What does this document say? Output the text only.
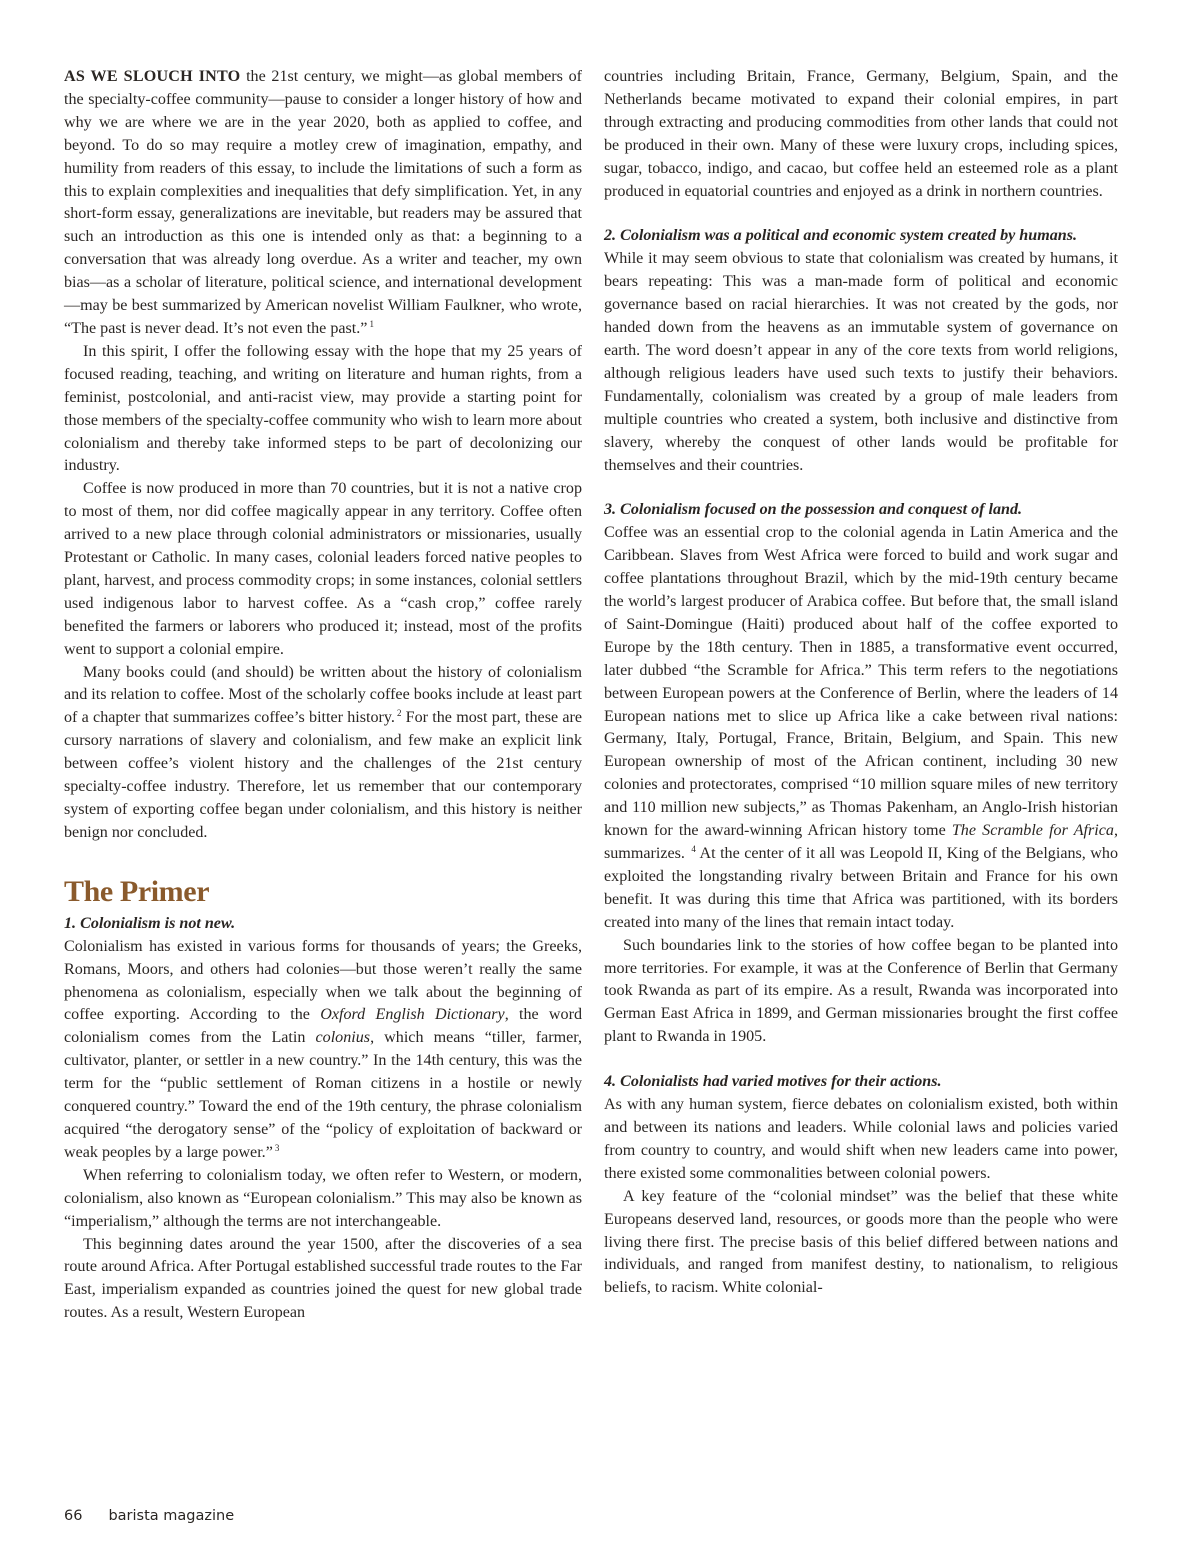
AS WE SLOUCH INTO the 21st century, we might—as global members of the specialty-coffee community—pause to consider a longer history of how and why we are where we are in the year 2020, both as applied to coffee, and beyond. To do so may require a motley crew of imagination, empathy, and humility from readers of this essay, to include the limitations of such a form as this to explain complexities and inequalities that defy simplification. Yet, in any short-form essay, generalizations are inevitable, but readers may be assured that such an introduction as this one is intended only as that: a beginning to a conversation that was already long overdue. As a writer and teacher, my own bias—as a scholar of literature, political science, and international development—may be best summarized by American novelist William Faulkner, who wrote, “The past is never dead. It’s not even the past.” $^1$

In this spirit, I offer the following essay with the hope that my 25 years of focused reading, teaching, and writing on literature and human rights, from a feminist, postcolonial, and anti-racist view, may provide a starting point for those members of the specialty-coffee community who wish to learn more about colonialism and thereby take informed steps to be part of decolonizing our industry.

Coffee is now produced in more than 70 countries, but it is not a native crop to most of them, nor did coffee magically appear in any territory. Coffee often arrived to a new place through colonial administrators or missionaries, usually Protestant or Catholic. In many cases, colonial leaders forced native peoples to plant, harvest, and process commodity crops; in some instances, colonial settlers used indigenous labor to harvest coffee. As a “cash crop,” coffee rarely benefited the farmers or laborers who produced it; instead, most of the profits went to support a colonial empire.

Many books could (and should) be written about the history of colonialism and its relation to coffee. Most of the scholarly coffee books include at least part of a chapter that summarizes coffee’s bitter history. $^2$ For the most part, these are cursory narrations of slavery and colonialism, and few make an explicit link between coffee’s violent history and the challenges of the 21st century specialty-coffee industry. Therefore, let us remember that our contemporary system of exporting coffee began under colonialism, and this history is neither benign nor concluded.

The Primer

1. Colonialism is not new.

Colonialism has existed in various forms for thousands of years; the Greeks, Romans, Moors, and others had colonies—but those weren’t really the same phenomena as colonialism, especially when we talk about the beginning of coffee exporting. According to the Oxford English Dictionary, the word colonialism comes from the Latin colonius, which means “tiller, farmer, cultivator, planter, or settler in a new country.” In the 14th century, this was the term for the “public settlement of Roman citizens in a hostile or newly conquered country.” Toward the end of the 19th century, the phrase colonialism acquired “the derogatory sense” of the “policy of exploitation of backward or weak peoples by a large power.” $^3$

When referring to colonialism today, we often refer to Western, or modern, colonialism, also known as “European colonialism.” This may also be known as “imperialism,” although the terms are not interchangeable.

This beginning dates around the year 1500, after the discoveries of a sea route around Africa. After Portugal established successful trade routes to the Far East, imperialism expanded as countries joined the quest for new global trade routes. As a result, Western European

countries including Britain, France, Germany, Belgium, Spain, and the Netherlands became motivated to expand their colonial empires, in part through extracting and producing commodities from other lands that could not be produced in their own. Many of these were luxury crops, including spices, sugar, tobacco, indigo, and cacao, but coffee held an esteemed role as a plant produced in equatorial countries and enjoyed as a drink in northern countries.

2. Colonialism was a political and economic system created by humans.

While it may seem obvious to state that colonialism was created by humans, it bears repeating: This was a man-made form of political and economic governance based on racial hierarchies. It was not created by the gods, nor handed down from the heavens as an immutable system of governance on earth. The word doesn’t appear in any of the core texts from world religions, although religious leaders have used such texts to justify their behaviors. Fundamentally, colonialism was created by a group of male leaders from multiple countries who created a system, both inclusive and distinctive from slavery, whereby the conquest of other lands would be profitable for themselves and their countries.

3. Colonialism focused on the possession and conquest of land.

Coffee was an essential crop to the colonial agenda in Latin America and the Caribbean. Slaves from West Africa were forced to build and work sugar and coffee plantations throughout Brazil, which by the mid-19th century became the world’s largest producer of Arabica coffee. But before that, the small island of Saint-Domingue (Haiti) produced about half of the coffee exported to Europe by the 18th century. Then in 1885, a transformative event occurred, later dubbed “the Scramble for Africa.” This term refers to the negotiations between European powers at the Conference of Berlin, where the leaders of 14 European nations met to slice up Africa like a cake between rival nations: Germany, Italy, Portugal, France, Britain, Belgium, and Spain. This new European ownership of most of the African continent, including 30 new colonies and protectorates, comprised “10 million square miles of new territory and 110 million new subjects,” as Thomas Pakenham, an Anglo-Irish historian known for the award-winning African history tome The Scramble for Africa, summarizes. $^4$ At the center of it all was Leopold II, King of the Belgians, who exploited the longstanding rivalry between Britain and France for his own benefit. It was during this time that Africa was partitioned, with its borders created into many of the lines that remain intact today.

Such boundaries link to the stories of how coffee began to be planted into more territories. For example, it was at the Conference of Berlin that Germany took Rwanda as part of its empire. As a result, Rwanda was incorporated into German East Africa in 1899, and German missionaries brought the first coffee plant to Rwanda in 1905.

4. Colonialists had varied motives for their actions.

As with any human system, fierce debates on colonialism existed, both within and between its nations and leaders. While colonial laws and policies varied from country to country, and would shift when new leaders came into power, there existed some commonalities between colonial powers.

A key feature of the “colonial mindset” was the belief that these white Europeans deserved land, resources, or goods more than the people who were living there first. The precise basis of this belief differed between nations and individuals, and ranged from manifest destiny, to nationalism, to religious beliefs, to racism. White colonial-

66 barista magazine
